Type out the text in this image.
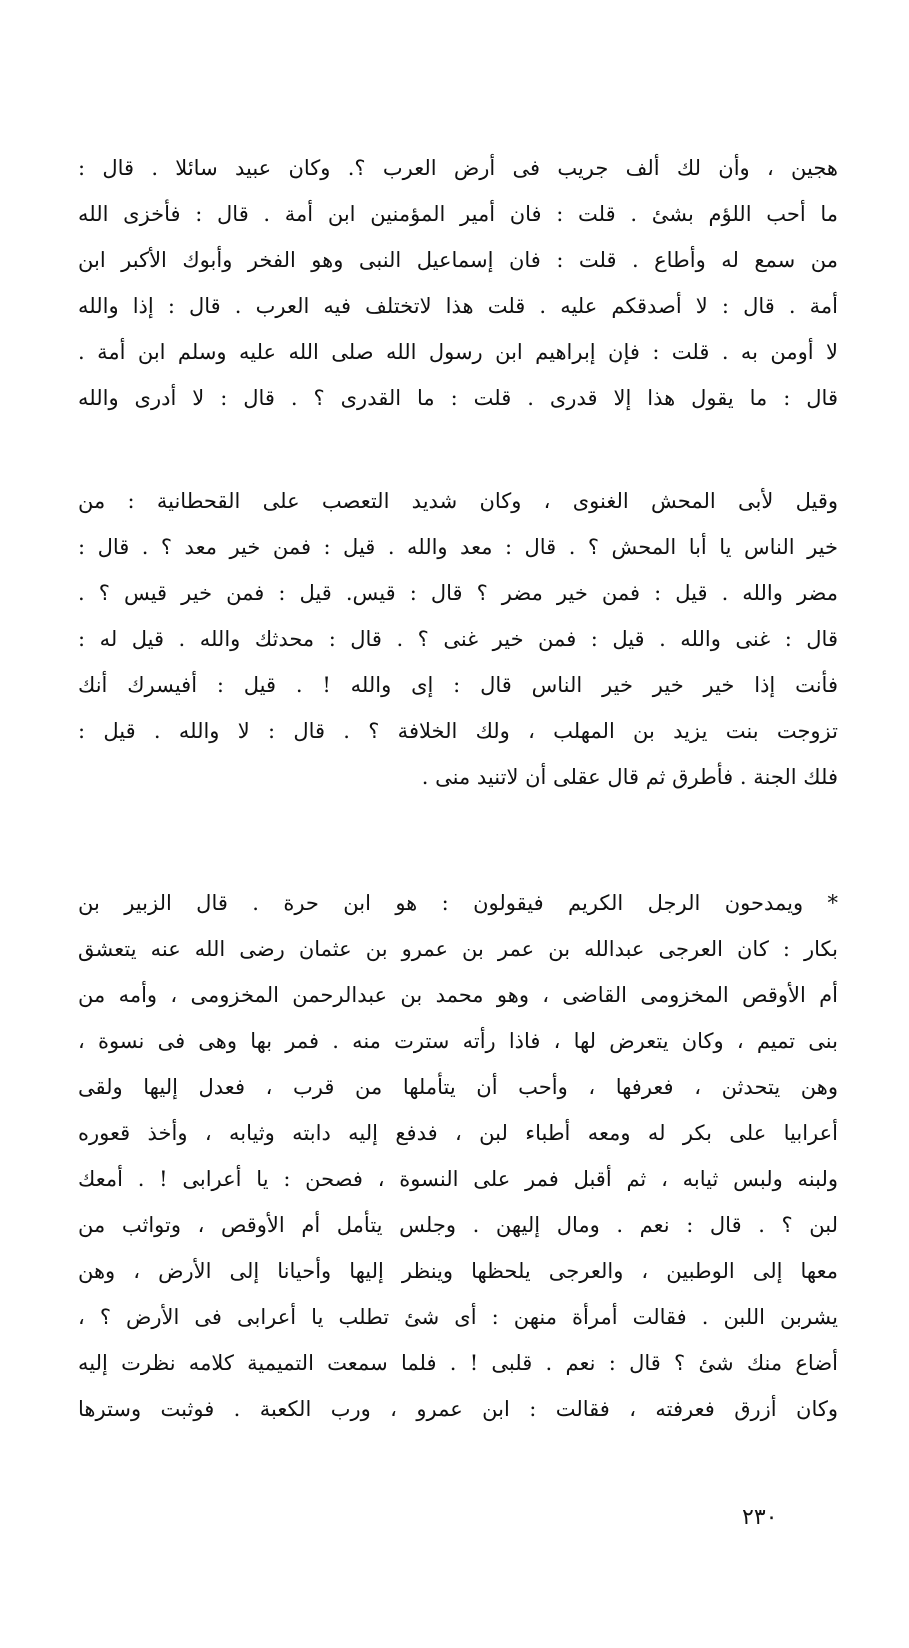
هجين ، وأن لك ألف جريب فى أرض العرب ؟. وكان عبيد سائلا . قال :
ما أحب اللؤم بشئ . قلت : فان أمير المؤمنين ابن أمة . قال : فأخزى الله
من سمع له وأطاع . قلت : فان إسماعيل النبى وهو الفخر وأبوك الأكبر ابن
أمة . قال : لا أصدقكم عليه . قلت هذا لاتختلف فيه العرب . قال : إذا والله
لا أومن به . قلت : فإن إبراهيم ابن رسول الله صلى الله عليه وسلم ابن أمة .
قال : ما يقول هذا إلا قدرى . قلت : ما القدرى ؟ . قال : لا أدرى والله
وقيل لأبى المحش الغنوى ، وكان شديد التعصب على القحطانية : من
خير الناس يا أبا المحش ؟ . قال : معد والله . قيل : فمن خير معد ؟ . قال :
مضر والله . قيل : فمن خير مضر ؟ قال : قيس. قيل : فمن خير قيس ؟ .
قال : غنى والله . قيل : فمن خير غنى ؟ . قال : محدثك والله . قيل له :
فأنت إذا خير خير خير الناس قال : إى والله ! . قيل : أفيسرك أنك
تزوجت بنت يزيد بن المهلب ، ولك الخلافة ؟ . قال : لا والله . قيل :
فلك الجنة . فأطرق ثم قال عقلى أن لاتنيد منى .
* ويمدحون الرجل الكريم فيقولون : هو ابن حرة . قال الزبير بن
بكار : كان العرجى عبدالله بن عمر بن عمرو بن عثمان رضى الله عنه يتعشق
أم الأوقص المخزومى القاضى ، وهو محمد بن عبدالرحمن المخزومى ، وأمه من
بنى تميم ، وكان يتعرض لها ، فاذا رأته سترت منه . فمر بها وهى فى نسوة ،
وهن يتحدثن ، فعرفها ، وأحب أن يتأملها من قرب ، فعدل إليها ولقى
أعرابيا على بكر له ومعه أطباء لبن ، فدفع إليه دابته وثيابه ، وأخذ قعوره
ولبنه ولبس ثيابه ، ثم أقبل فمر على النسوة ، فصحن : يا أعرابى ! . أمعك
لبن ؟ . قال : نعم . ومال إليهن . وجلس يتأمل أم الأوقص ، وتواثب من
معها إلى الوطبين ، والعرجى يلحظها وينظر إليها وأحيانا إلى الأرض ، وهن
يشربن اللبن . فقالت أمرأة منهن : أى شئ تطلب يا أعرابى فى الأرض ؟ ،
أضاع منك شئ ؟ قال : نعم . قلبى ! . فلما سمعت التميمية كلامه نظرت إليه
وكان أزرق فعرفته ، فقالت : ابن عمرو ، ورب الكعبة . فوثبت وسترها
٢٣٠
